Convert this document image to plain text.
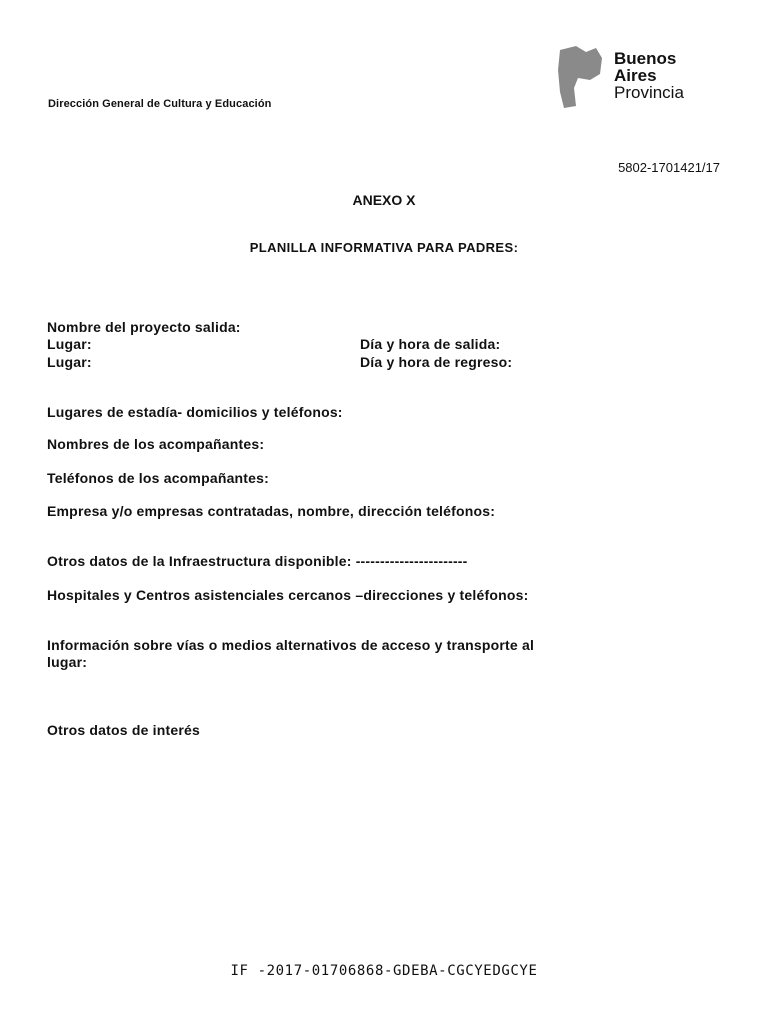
Dirección General de Cultura y Educación
Buenos
Aires
Provincia
5802-1701421/17
ANEXO X
PLANILLA INFORMATIVA PARA PADRES:
Nombre del proyecto salida:
Lugar:	Día y hora de salida:
Lugar:	Día y hora de regreso:
Lugares de estadía- domicilios y teléfonos:
Nombres de los acompañantes:
Teléfonos de los acompañantes:
Empresa y/o empresas contratadas, nombre, dirección teléfonos:
Otros datos de la Infraestructura disponible: -----------------------
Hospitales y Centros asistenciales cercanos –direcciones y teléfonos:
Información sobre vías o medios alternativos de acceso y transporte al
lugar:
Otros datos de interés
IF -2017-01706868-GDEBA-CGCYEDGCYE
